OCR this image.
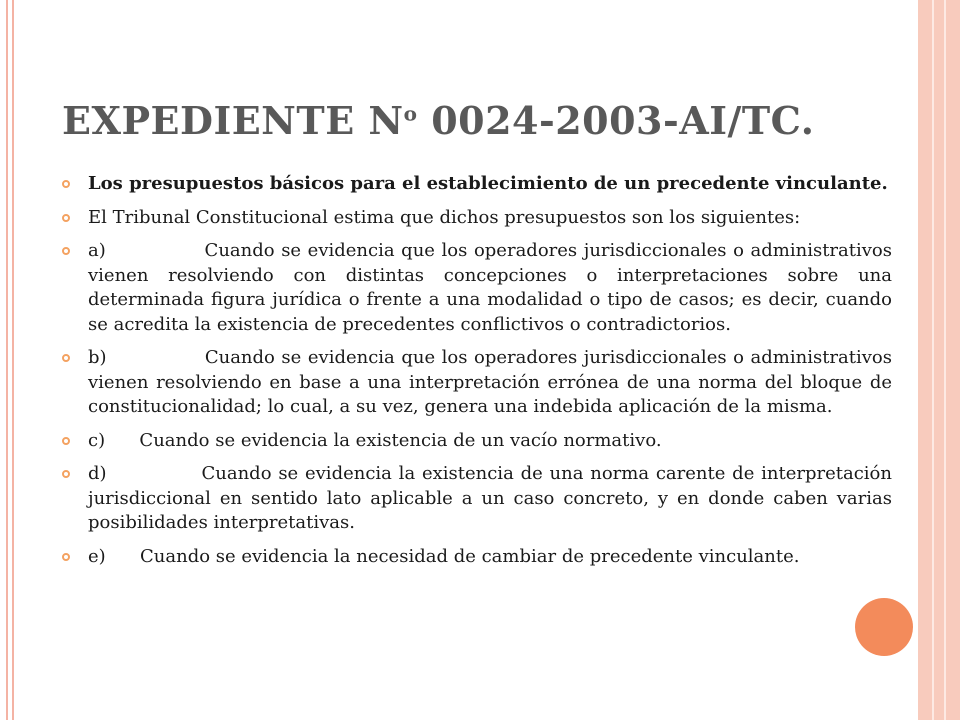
EXPEDIENTE $N^o$ 0024-2003-AI/TC.
Los presupuestos básicos para el establecimiento de un precedente vinculante.
El Tribunal Constitucional estima que dichos presupuestos son los siguientes:
a)               Cuando se evidencia que los operadores jurisdiccionales o administrativos vienen resolviendo con distintas concepciones o interpretaciones sobre una determinada figura jurídica o frente a una modalidad o tipo de casos; es decir, cuando se acredita la existencia de precedentes conflictivos o contradictorios.
b)               Cuando se evidencia que los operadores jurisdiccionales o administrativos vienen resolviendo en base a una interpretación errónea de una norma del bloque de constitucionalidad; lo cual, a su vez, genera una indebida aplicación de la misma.
c)      Cuando se evidencia la existencia de un vacío normativo.
d)              Cuando se evidencia la existencia de una norma carente de interpretación jurisdiccional en sentido lato aplicable a un caso concreto, y en donde caben varias posibilidades interpretativas.
e)      Cuando se evidencia la necesidad de cambiar de precedente vinculante.
